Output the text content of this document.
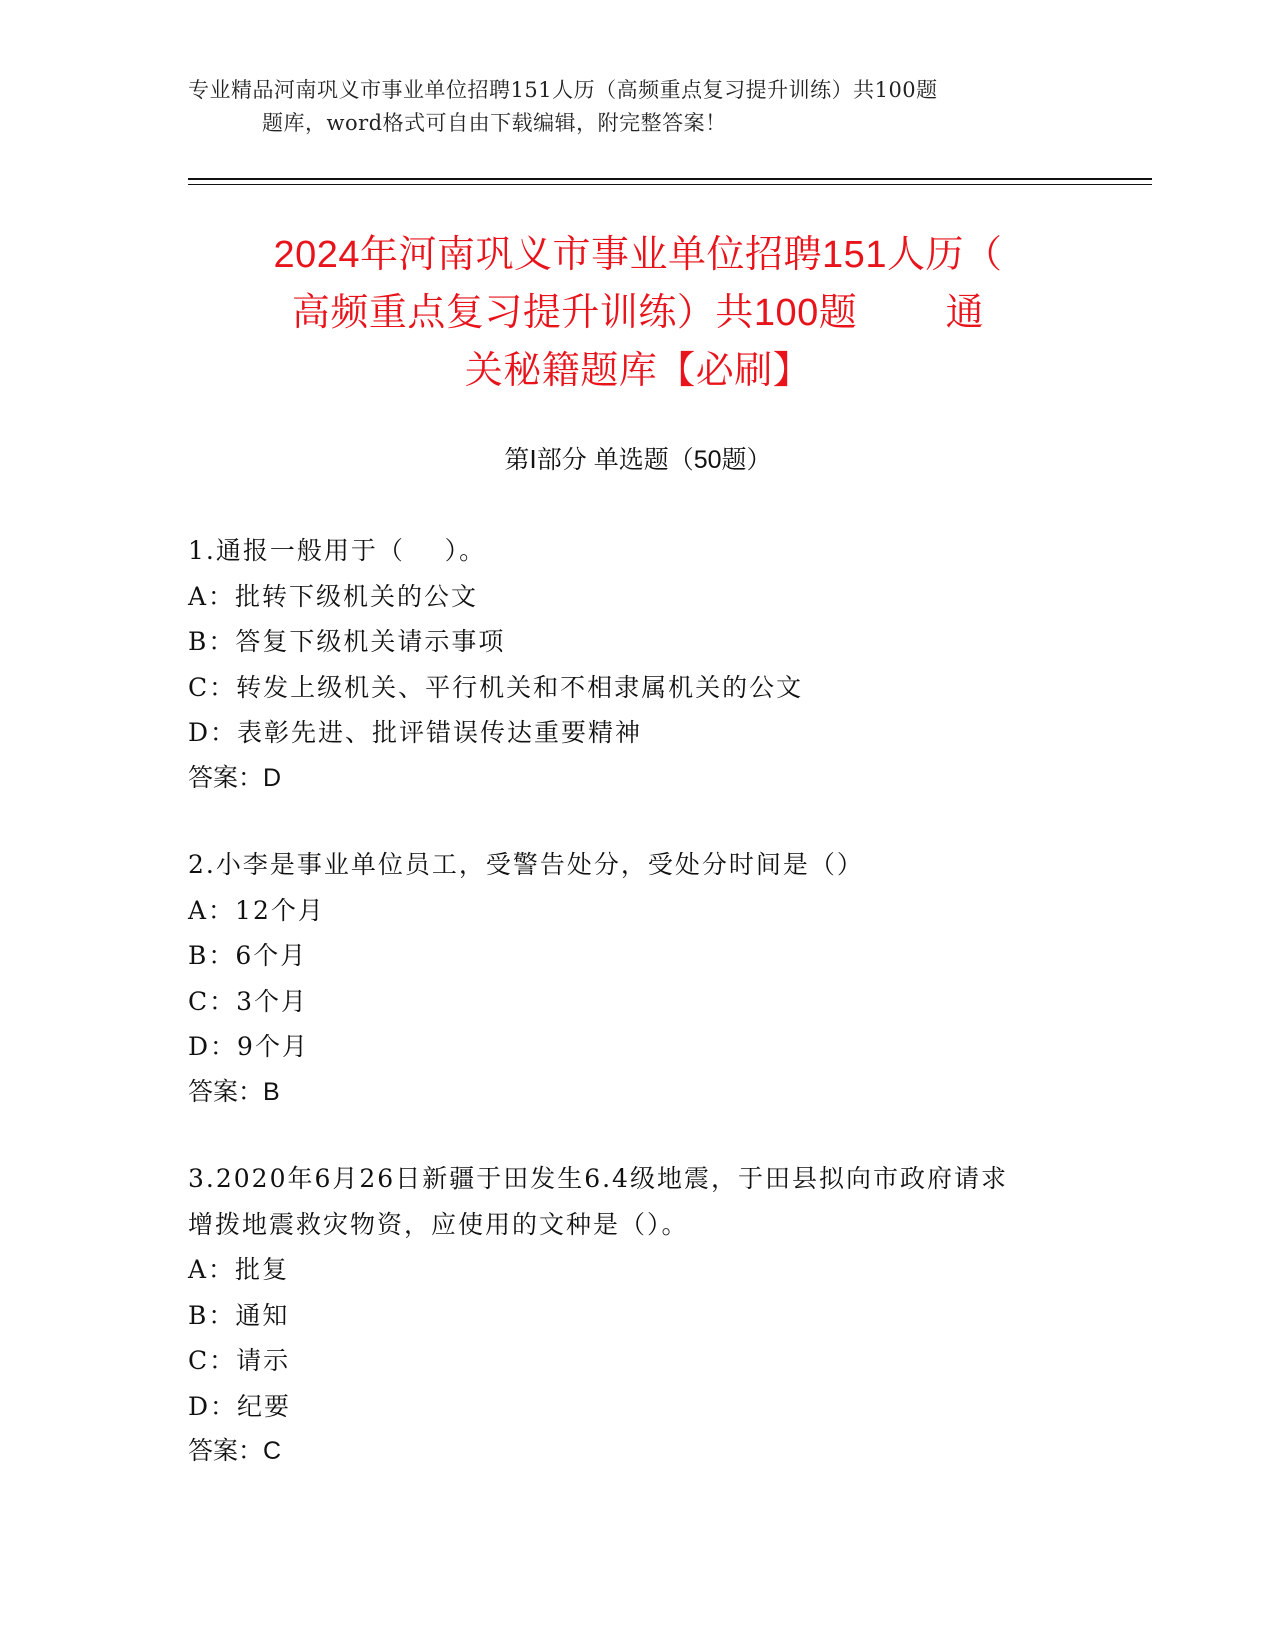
专业精品河南巩义市事业单位招聘151人历（高频重点复习提升训练）共100题
题库，word格式可自由下载编辑，附完整答案！
2024年河南巩义市事业单位招聘151人历（
高频重点复习提升训练）共100题        通
关秘籍题库【必刷】
第Ⅰ部分 单选题（50题）
1.通报一般用于（    ）。
A：批转下级机关的公文
B：答复下级机关请示事项
C：转发上级机关、平行机关和不相隶属机关的公文
D：表彰先进、批评错误传达重要精神
答案：D
2.小李是事业单位员工，受警告处分，受处分时间是（）
A：12个月
B：6个月
C：3个月
D：9个月
答案：B
3.2020年6月26日新疆于田发生6.4级地震，于田县拟向市政府请求
增拨地震救灾物资，应使用的文种是（）。
A：批复
B：通知
C：请示
D：纪要
答案：C
